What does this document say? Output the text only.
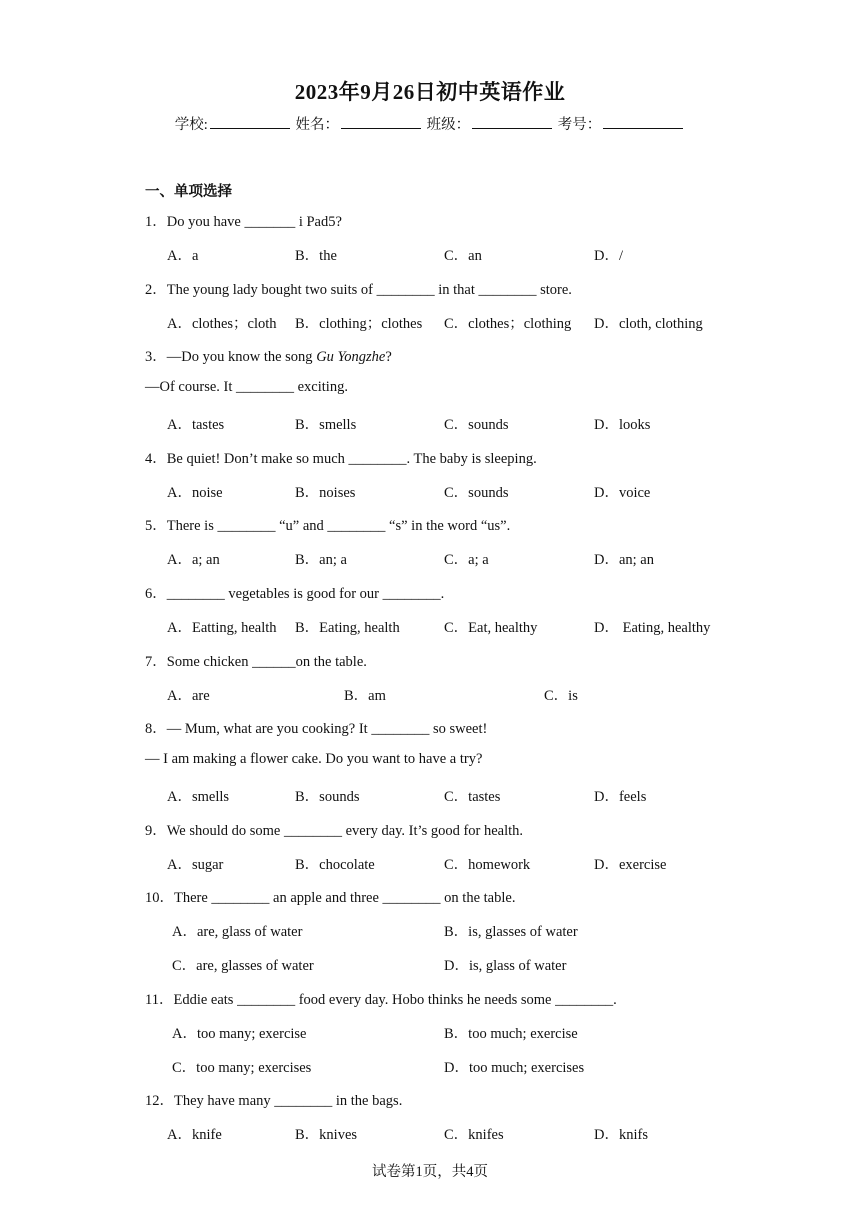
2023年9月26日初中英语作业
学校:	姓名：	班级：	考号：
一、单项选择
1．Do you have _______ i Pad5?
A．a	B．the	C．an	D．/
2．The young lady bought two suits of ________ in that ________ store.
A．clothes；cloth B．clothing；clothes C．clothes；clothing D．cloth, clothing
3．—Do you know the song Gu Yongzhe?
—Of course. It ________ exciting.
A．tastes	B．smells	C．sounds	D．looks
4．Be quiet! Don’t make so much ________. The baby is sleeping.
A．noise	B．noises	C．sounds	D．voice
5．There is ________ “u” and ________ “s” in the word “us”.
A．a; an	B．an; a	C．a; a	D．an; an
6．________ vegetables is good for our ________.
A．Eatting, health B．Eating, health	C．Eat, healthy	D． Eating, healthy
7．Some chicken ______on the table.
A．are	B．am	C．is
8．— Mum, what are you cooking? It ________ so sweet!
— I am making a flower cake. Do you want to have a try?
A．smells	B．sounds	C．tastes	D．feels
9．We should do some ________ every day. It’s good for health.
A．sugar	B．chocolate	C．homework	D．exercise
10．There ________ an apple and three ________ on the table.
A．are, glass of water	B．is, glasses of water
C．are, glasses of water	D．is, glass of water
11．Eddie eats ________ food every day. Hobo thinks he needs some ________.
A．too many; exercise	B．too much; exercise
C．too many; exercises	D．too much; exercises
12．They have many ________ in the bags.
A．knife	B．knives	C．knifes	D．knifs
试卷第1页，共4页
